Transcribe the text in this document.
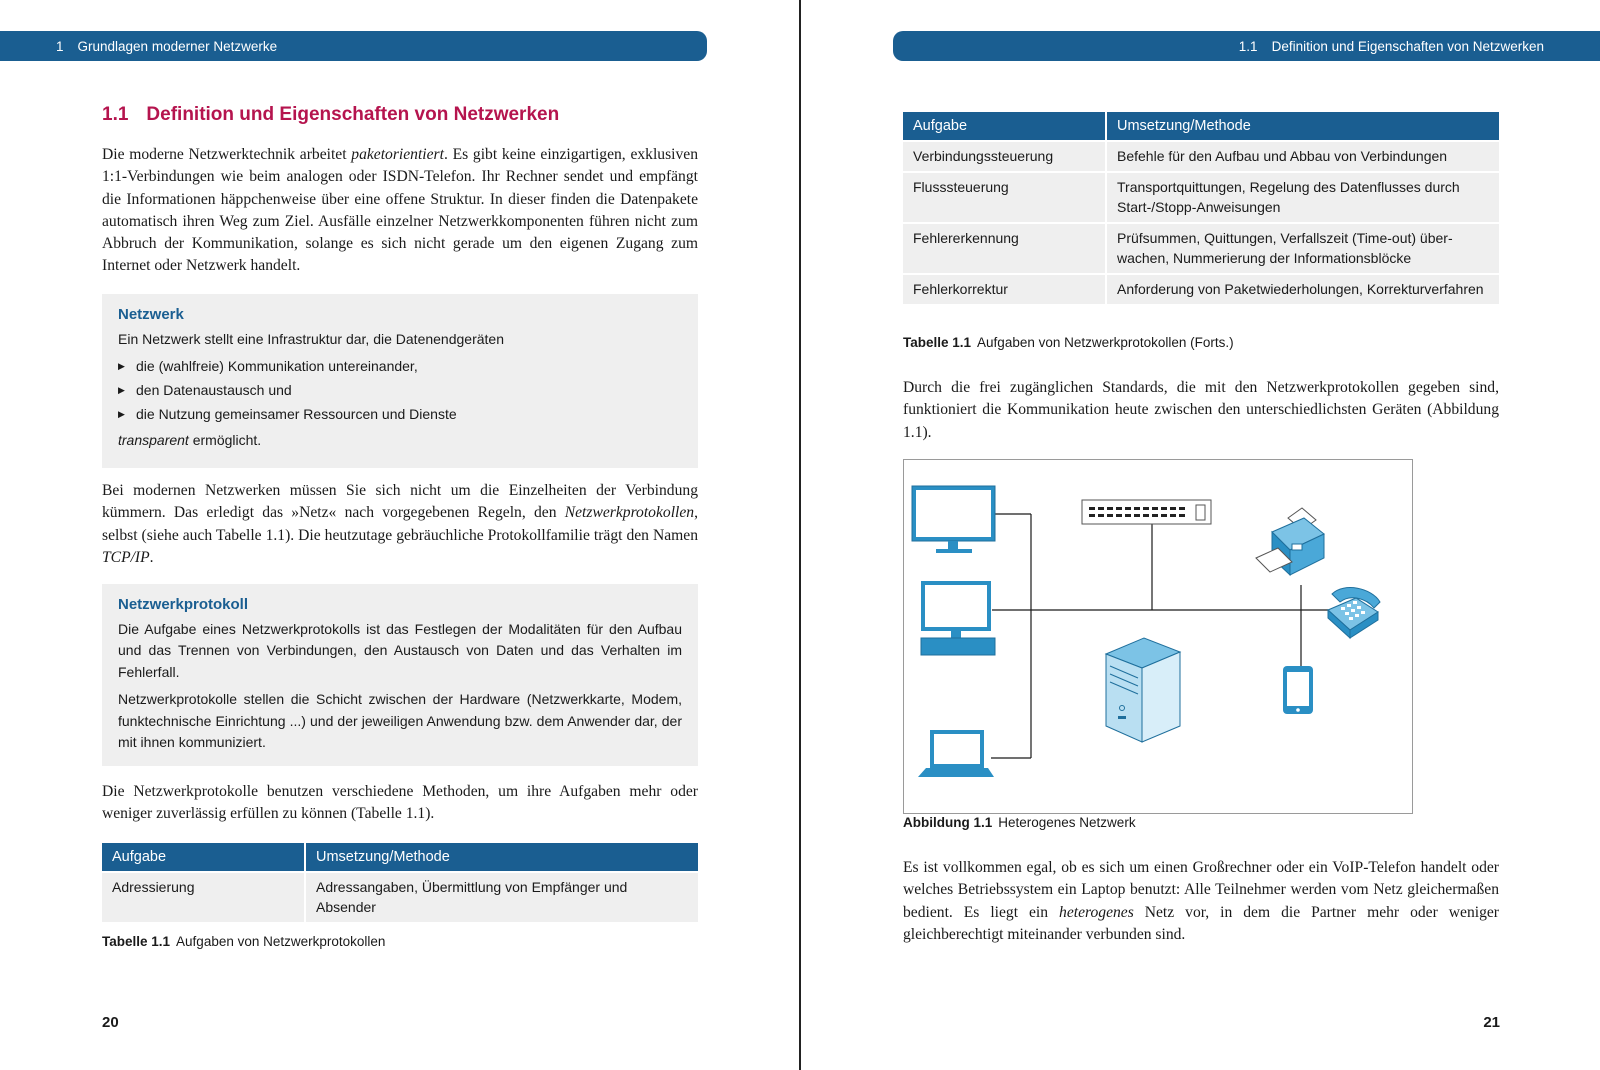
1 Grundlagen moderner Netzwerke
1.1 Definition und Eigenschaften von Netzwerken

Die moderne Netzwerktechnik arbeitet paketorientiert. Es gibt keine einzigartigen, exklusiven 1:1-Verbindungen wie beim analogen oder ISDN-Telefon. Ihr Rechner sendet und empfängt die Informationen häppchenweise über eine offene Struktur. In dieser finden die Datenpakete automatisch ihren Weg zum Ziel. Ausfälle einzelner Netzwerkkomponenten führen nicht zum Abbruch der Kommunikation, solange es sich nicht gerade um den eigenen Zugang zum Internet oder Netzwerk handelt.

Netzwerk

Ein Netzwerk stellt eine Infrastruktur dar, die Datenendgeräten

▶ die (wahlfreie) Kommunikation untereinander,
▶ den Datenaustausch und
▶ die Nutzung gemeinsamer Ressourcen und Dienste

transparent ermöglicht.

Bei modernen Netzwerken müssen Sie sich nicht um die Einzelheiten der Verbindung kümmern. Das erledigt das »Netz« nach vorgegebenen Regeln, den Netzwerkprotokollen, selbst (siehe auch Tabelle 1.1). Die heutzutage gebräuchliche Protokollfamilie trägt den Namen TCP/IP.

Netzwerkprotokoll

Die Aufgabe eines Netzwerkprotokolls ist das Festlegen der Modalitäten für den Aufbau und das Trennen von Verbindungen, den Austausch von Daten und das Verhalten im Fehlerfall.

Netzwerkprotokolle stellen die Schicht zwischen der Hardware (Netzwerkkarte, Modem, funktechnische Einrichtung ...) und der jeweiligen Anwendung bzw. dem Anwender dar, der mit ihnen kommuniziert.

Die Netzwerkprotokolle benutzen verschiedene Methoden, um ihre Aufgaben mehr oder weniger zuverlässig erfüllen zu können (Tabelle 1.1).

Aufgabe	Umsetzung/Methode
Adressierung	Adressangaben, Übermittlung von Empfänger und Absender
Tabelle 1.1 Aufgaben von Netzwerkprotokollen
20
1.1 Definition und Eigenschaften von Netzwerken
Aufgabe	Umsetzung/Methode
Verbindungssteuerung	Befehle für den Aufbau und Abbau von Verbindungen
Flusssteuerung	Transportquittungen, Regelung des Datenflusses durch Start-/Stopp-Anweisungen
Fehlererkennung	Prüfsummen, Quittungen, Verfallszeit (Time-out) überwachen, Nummerierung der Informationsblöcke
Fehlerkorrektur	Anforderung von Paketwiederholungen, Korrekturverfahren
Tabelle 1.1 Aufgaben von Netzwerkprotokollen (Forts.)

Durch die frei zugänglichen Standards, die mit den Netzwerkprotokollen gegeben sind, funktioniert die Kommunikation heute zwischen den unterschiedlichsten Geräten (Abbildung 1.1).

Abbildung 1.1 Heterogenes Netzwerk

Es ist vollkommen egal, ob es sich um einen Großrechner oder ein VoIP-Telefon handelt oder welches Betriebssystem ein Laptop benutzt: Alle Teilnehmer werden vom Netz gleichermaßen bedient. Es liegt ein heterogenes Netz vor, in dem die Partner mehr oder weniger gleichberechtigt miteinander verbunden sind.

21
